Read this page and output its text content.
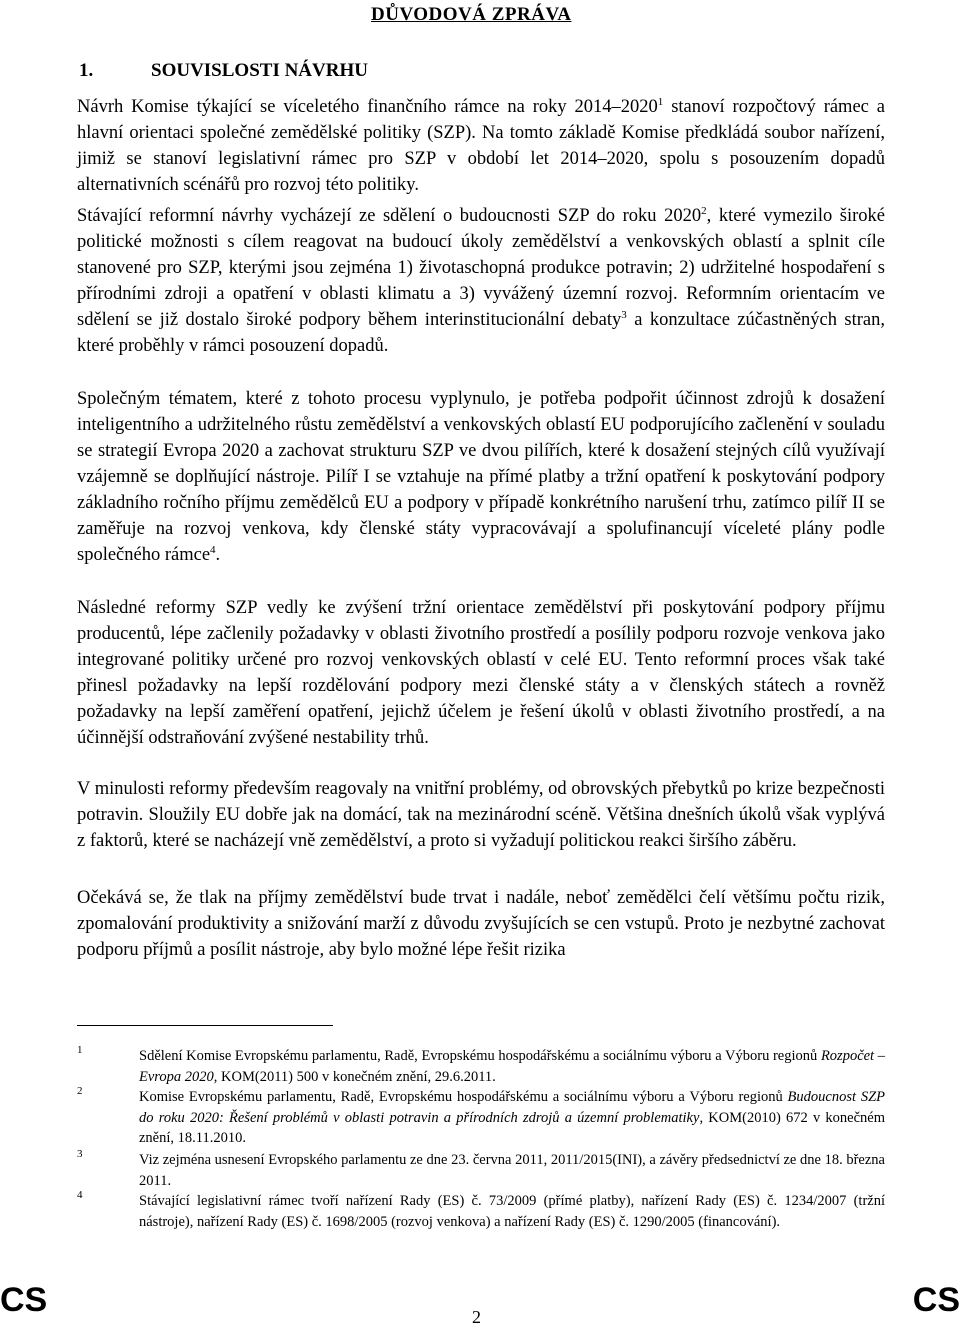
DŮVODOVÁ ZPRÁVA
1.	SOUVISLOSTI NÁVRHU

Návrh Komise týkající se víceletého finančního rámce na roky 2014–2020$^1$ stanoví rozpočtový rámec a hlavní orientaci společné zemědělské politiky (SZP). Na tomto základě Komise předkládá soubor nařízení, jimiž se stanoví legislativní rámec pro SZP v období let 2014–2020, spolu s posouzením dopadů alternativních scénářů pro rozvoj této politiky.

Stávající reformní návrhy vycházejí ze sdělení o budoucnosti SZP do roku 2020$^2$, které vymezilo široké politické možnosti s cílem reagovat na budoucí úkoly zemědělství a venkovských oblastí a splnit cíle stanovené pro SZP, kterými jsou zejména 1) životaschopná produkce potravin; 2) udržitelné hospodaření s přírodními zdroji a opatření v oblasti klimatu a 3) vyvážený územní rozvoj. Reformním orientacím ve sdělení se již dostalo široké podpory během interinstitucionální debaty$^3$ a konzultace zúčastněných stran, které proběhly v rámci posouzení dopadů.

Společným tématem, které z tohoto procesu vyplynulo, je potřeba podpořit účinnost zdrojů k dosažení inteligentního a udržitelného růstu zemědělství a venkovských oblastí EU podporujícího začlenění v souladu se strategií Evropa 2020 a zachovat strukturu SZP ve dvou pilířích, které k dosažení stejných cílů využívají vzájemně se doplňující nástroje. Pilíř I se vztahuje na přímé platby a tržní opatření k poskytování podpory základního ročního příjmu zemědělců EU a podpory v případě konkrétního narušení trhu, zatímco pilíř II se zaměřuje na rozvoj venkova, kdy členské státy vypracovávají a spolufinancují víceleté plány podle společného rámce$^4$.

Následné reformy SZP vedly ke zvýšení tržní orientace zemědělství při poskytování podpory příjmu producentů, lépe začlenily požadavky v oblasti životního prostředí a posílily podporu rozvoje venkova jako integrované politiky určené pro rozvoj venkovských oblastí v celé EU. Tento reformní proces však také přinesl požadavky na lepší rozdělování podpory mezi členské státy a v členských státech a rovněž požadavky na lepší zaměření opatření, jejichž účelem je řešení úkolů v oblasti životního prostředí, a na účinnější odstraňování zvýšené nestability trhů.

V minulosti reformy především reagovaly na vnitřní problémy, od obrovských přebytků po krize bezpečnosti potravin. Sloužily EU dobře jak na domácí, tak na mezinárodní scéně. Většina dnešních úkolů však vyplývá z faktorů, které se nacházejí vně zemědělství, a proto si vyžadují politickou reakci širšího záběru.

Očekává se, že tlak na příjmy zemědělství bude trvat i nadále, neboť zemědělci čelí většímu počtu rizik, zpomalování produktivity a snižování marží z důvodu zvyšujících se cen vstupů. Proto je nezbytné zachovat podporu příjmů a posílit nástroje, aby bylo možné lépe řešit rizika

1	Sdělení Komise Evropskému parlamentu, Radě, Evropskému hospodářskému a sociálnímu výboru a Výboru regionů Rozpočet – Evropa 2020, KOM(2011) 500 v konečném znění, 29.6.2011.
2	Komise Evropskému parlamentu, Radě, Evropskému hospodářskému a sociálnímu výboru a Výboru regionů Budoucnost SZP do roku 2020: Řešení problémů v oblasti potravin a přírodních zdrojů a územní problematiky, KOM(2010) 672 v konečném znění, 18.11.2010.
3	Viz zejména usnesení Evropského parlamentu ze dne 23. června 2011, 2011/2015(INI), a závěry předsednictví ze dne 18. března 2011.
4	Stávající legislativní rámec tvoří nařízení Rady (ES) č. 73/2009 (přímé platby), nařízení Rady (ES) č. 1234/2007 (tržní nástroje), nařízení Rady (ES) č. 1698/2005 (rozvoj venkova) a nařízení Rady (ES) č. 1290/2005 (financování).
CS	2	CS
